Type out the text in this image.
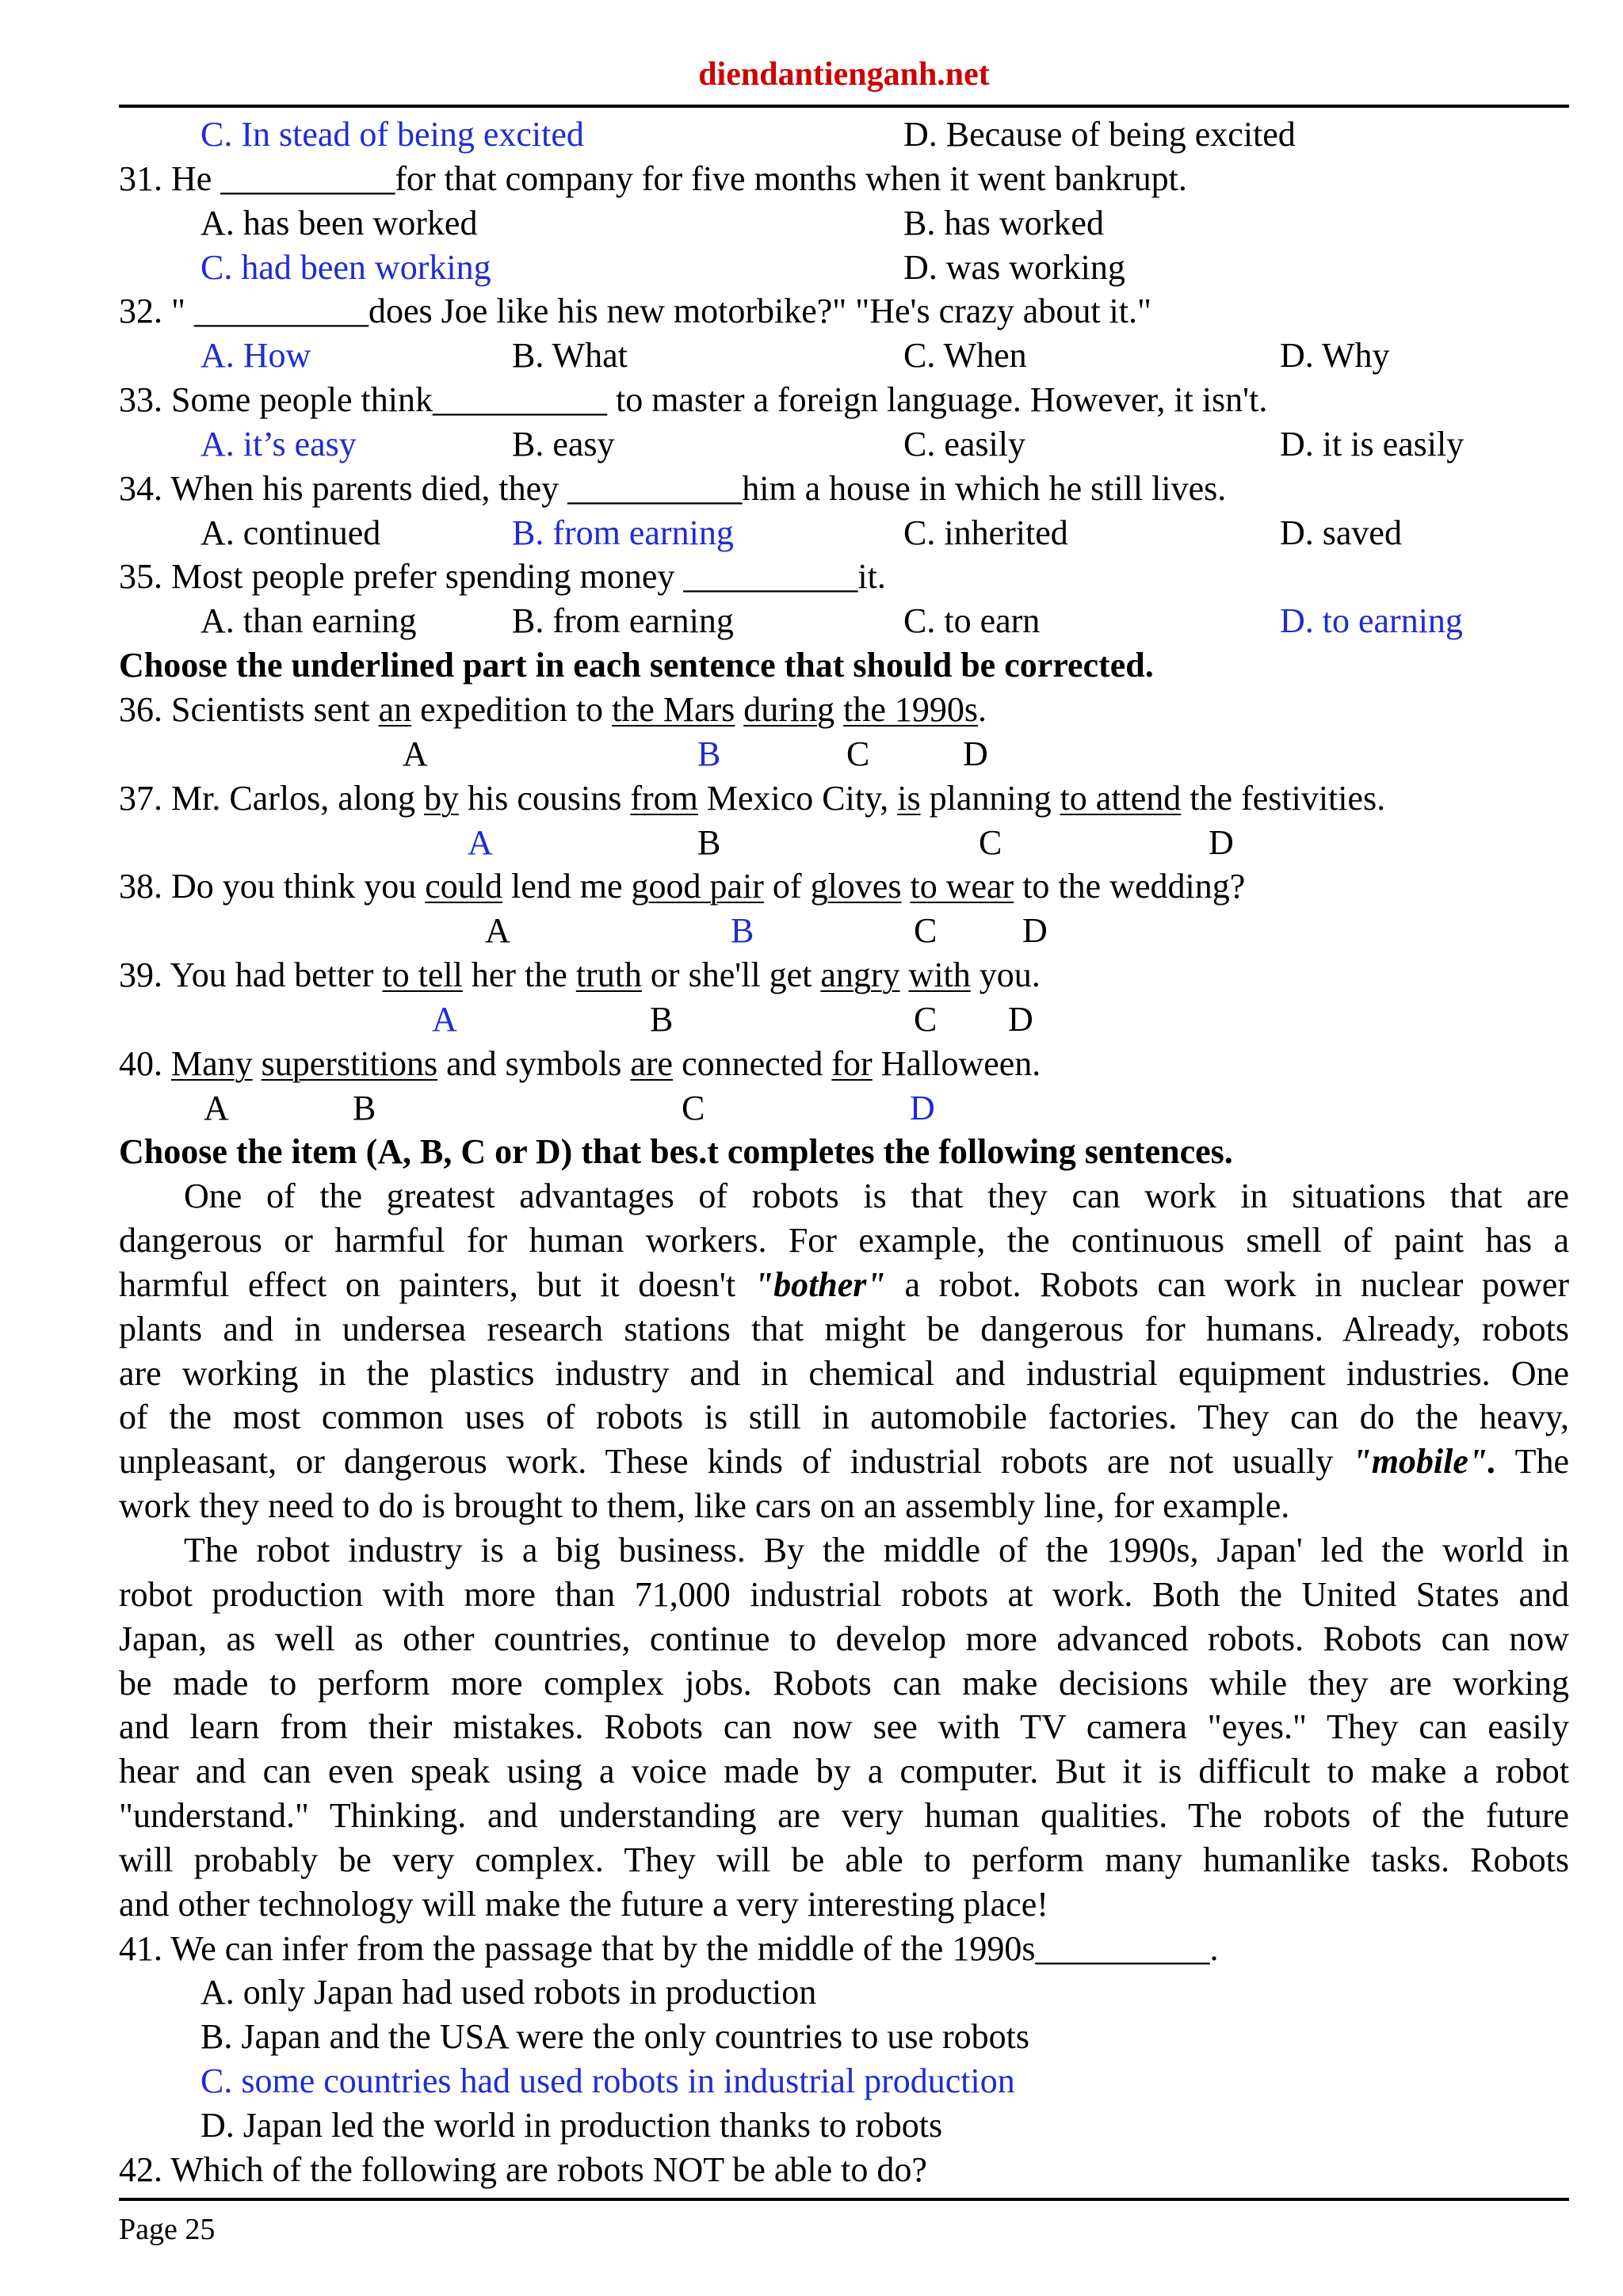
diendantienganh.net
C. In stead of being excited	D. Because of being excited
31. He __________for that company for five months when it went bankrupt.
A. has been worked	B. has worked
C. had been working	D. was working
32. " __________does Joe like his new motorbike?" "He's crazy about it."
A. How	B. What	C. When	D. Why
33. Some people think__________ to master a foreign language. However, it isn't.
A. it’s easy	B. easy	C. easily	D. it is easily
34. When his parents died, they __________him a house in which he still lives.
A. continued	B. from earning	C. inherited	D. saved
35. Most people prefer spending money __________it.
A. than earning	B. from earning	C. to earn	D. to earning
Choose the underlined part in each sentence that should be corrected.
36. Scientists sent an expedition to the Mars during the 1990s.
A	B	C	D
37. Mr. Carlos, along by his cousins from Mexico City, is planning to attend the festivities.
A	B	C	D
38. Do you think you could lend me good pair of gloves to wear to the wedding?
A	B	C D
39. You had better to tell her the truth or she'll get angry with you.
A	B	C D
40. Many superstitions and symbols are connected for Halloween.
A	B	C	D
Choose the item (A, B, C or D) that bes.t completes the following sentences.
One of the greatest advantages of robots is that they can work in situations that are
dangerous or harmful for human workers. For example, the continuous smell of paint has a
harmful effect on painters, but it doesn't "bother" a robot. Robots can work in nuclear power
plants and in undersea research stations that might be dangerous for humans. Already, robots
are working in the plastics industry and in chemical and industrial equipment industries. One
of the most common uses of robots is still in automobile factories. They can do the heavy,
unpleasant, or dangerous work. These kinds of industrial robots are not usually "mobile". The
work they need to do is brought to them, like cars on an assembly line, for example.
The robot industry is a big business. By the middle of the 1990s, Japan' led the world in
robot production with more than 71,000 industrial robots at work. Both the United States and
Japan, as well as other countries, continue to develop more advanced robots. Robots can now
be made to perform more complex jobs. Robots can make decisions while they are working
and learn from their mistakes. Robots can now see with TV camera "eyes." They can easily
hear and can even speak using a voice made by a computer. But it is difficult to make a robot
"understand." Thinking. and understanding are very human qualities. The robots of the future
will probably be very complex. They will be able to perform many humanlike tasks. Robots
and other technology will make the future a very interesting place!
41. We can infer from the passage that by the middle of the 1990s__________.
A. only Japan had used robots in production
B. Japan and the USA were the only countries to use robots
C. some countries had used robots in industrial production
D. Japan led the world in production thanks to robots
42. Which of the following are robots NOT be able to do?
Page 25
